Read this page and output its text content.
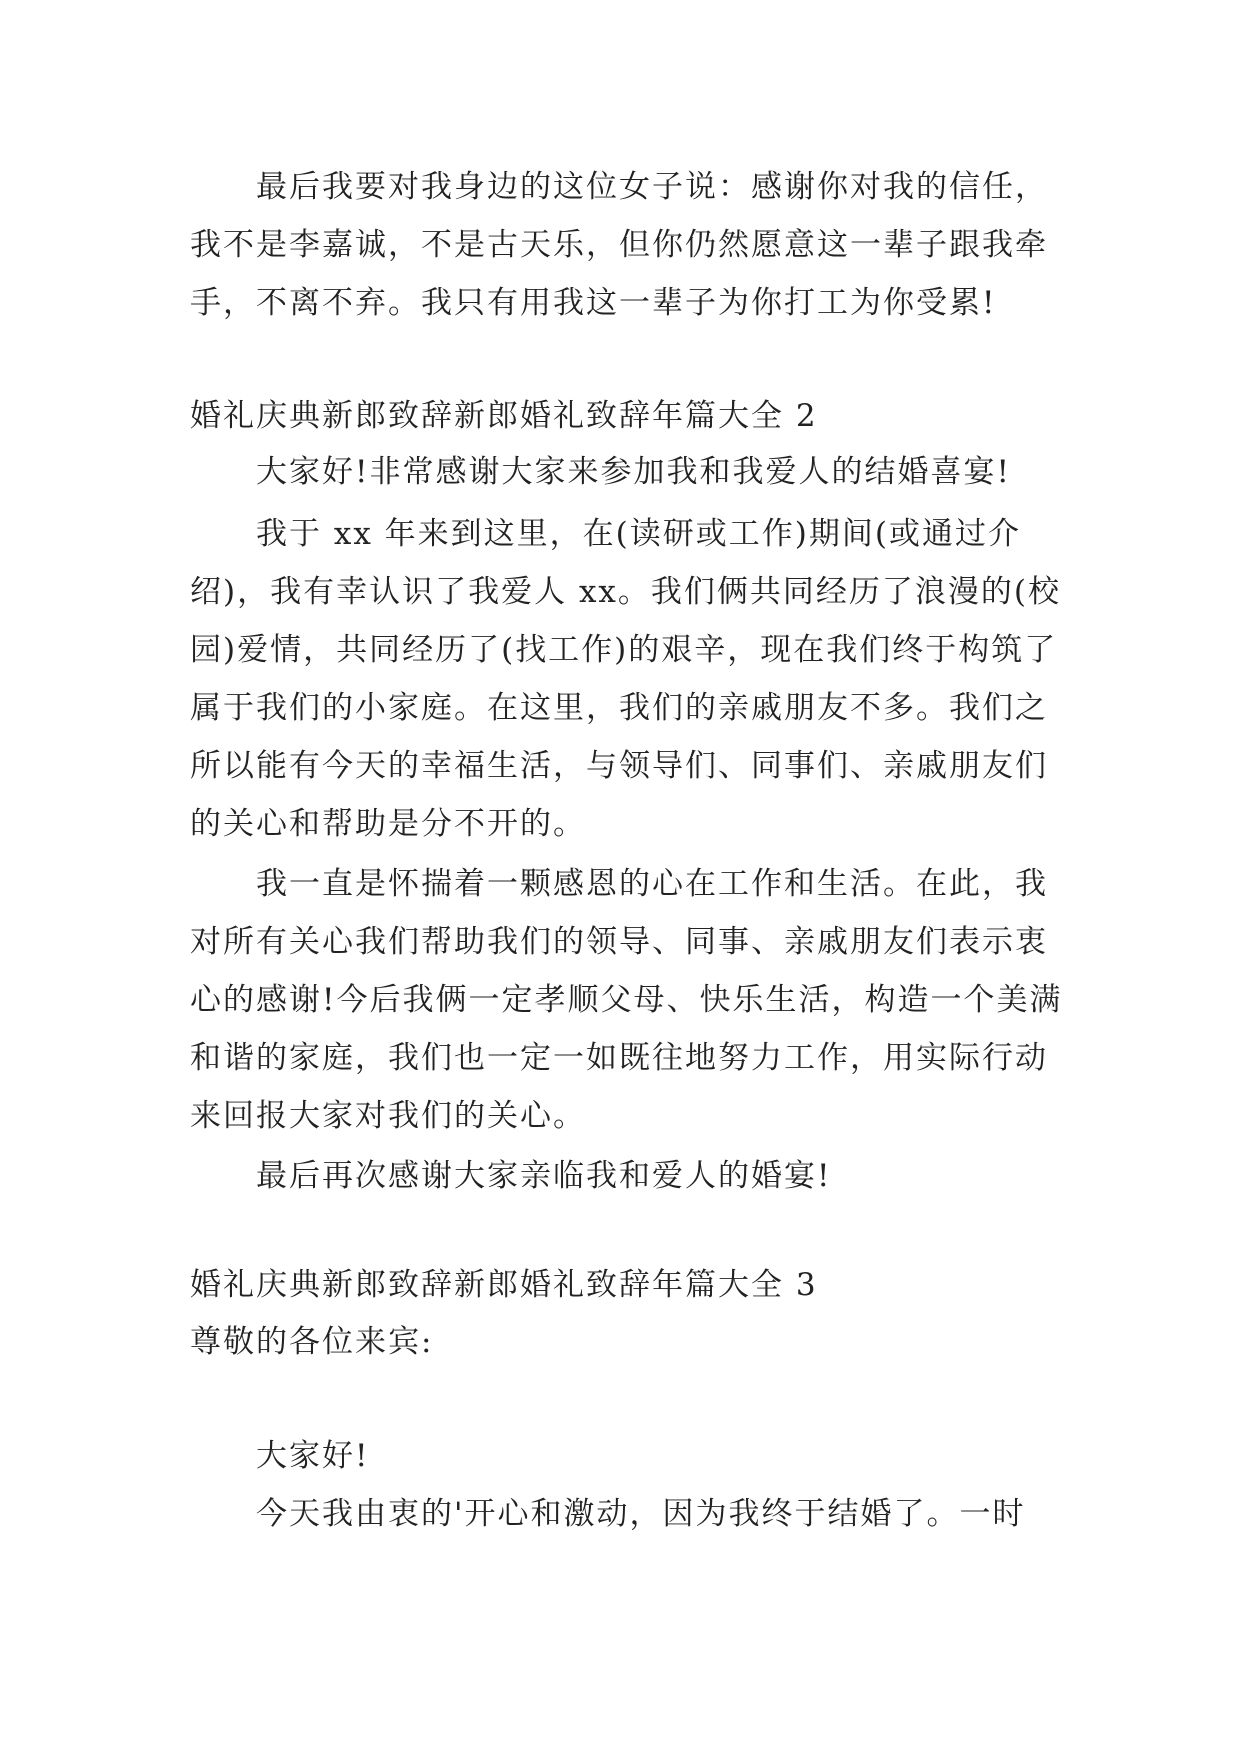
最后我要对我身边的这位女子说：感谢你对我的信任，我不是李嘉诚，不是古天乐，但你仍然愿意这一辈子跟我牵手，不离不弃。我只有用我这一辈子为你打工为你受累!
婚礼庆典新郎致辞新郎婚礼致辞年篇大全 2
大家好!非常感谢大家来参加我和我爱人的结婚喜宴!
我于 xx 年来到这里，在(读研或工作)期间(或通过介绍)，我有幸认识了我爱人 xx。我们俩共同经历了浪漫的(校园)爱情，共同经历了(找工作)的艰辛，现在我们终于构筑了属于我们的小家庭。在这里，我们的亲戚朋友不多。我们之所以能有今天的幸福生活，与领导们、同事们、亲戚朋友们的关心和帮助是分不开的。
我一直是怀揣着一颗感恩的心在工作和生活。在此，我对所有关心我们帮助我们的领导、同事、亲戚朋友们表示衷心的感谢!今后我俩一定孝顺父母、快乐生活，构造一个美满和谐的家庭，我们也一定一如既往地努力工作，用实际行动来回报大家对我们的关心。
最后再次感谢大家亲临我和爱人的婚宴!
婚礼庆典新郎致辞新郎婚礼致辞年篇大全 3
尊敬的各位来宾:
大家好!
今天我由衷的'开心和激动，因为我终于结婚了。一时
